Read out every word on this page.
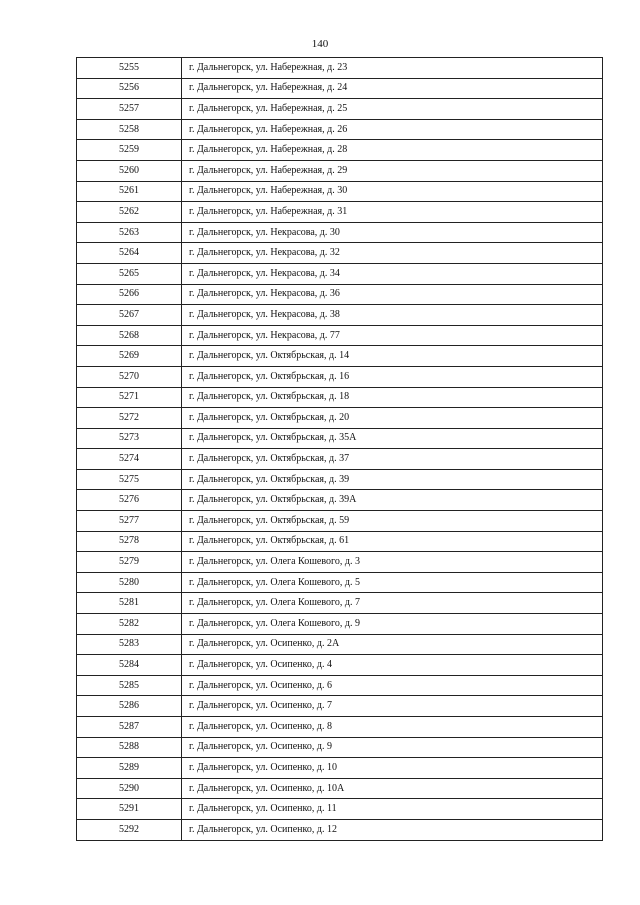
140
5255	г. Дальнегорск, ул. Набережная, д. 23
5256	г. Дальнегорск, ул. Набережная, д. 24
5257	г. Дальнегорск, ул. Набережная, д. 25
5258	г. Дальнегорск, ул. Набережная, д. 26
5259	г. Дальнегорск, ул. Набережная, д. 28
5260	г. Дальнегорск, ул. Набережная, д. 29
5261	г. Дальнегорск, ул. Набережная, д. 30
5262	г. Дальнегорск, ул. Набережная, д. 31
5263	г. Дальнегорск, ул. Некрасова, д. 30
5264	г. Дальнегорск, ул. Некрасова, д. 32
5265	г. Дальнегорск, ул. Некрасова, д. 34
5266	г. Дальнегорск, ул. Некрасова, д. 36
5267	г. Дальнегорск, ул. Некрасова, д. 38
5268	г. Дальнегорск, ул. Некрасова, д. 77
5269	г. Дальнегорск, ул. Октябрьская, д. 14
5270	г. Дальнегорск, ул. Октябрьская, д. 16
5271	г. Дальнегорск, ул. Октябрьская, д. 18
5272	г. Дальнегорск, ул. Октябрьская, д. 20
5273	г. Дальнегорск, ул. Октябрьская, д. 35А
5274	г. Дальнегорск, ул. Октябрьская, д. 37
5275	г. Дальнегорск, ул. Октябрьская, д. 39
5276	г. Дальнегорск, ул. Октябрьская, д. 39А
5277	г. Дальнегорск, ул. Октябрьская, д. 59
5278	г. Дальнегорск, ул. Октябрьская, д. 61
5279	г. Дальнегорск, ул. Олега Кошевого, д. 3
5280	г. Дальнегорск, ул. Олега Кошевого, д. 5
5281	г. Дальнегорск, ул. Олега Кошевого, д. 7
5282	г. Дальнегорск, ул. Олега Кошевого, д. 9
5283	г. Дальнегорск, ул. Осипенко, д. 2А
5284	г. Дальнегорск, ул. Осипенко, д. 4
5285	г. Дальнегорск, ул. Осипенко, д. 6
5286	г. Дальнегорск, ул. Осипенко, д. 7
5287	г. Дальнегорск, ул. Осипенко, д. 8
5288	г. Дальнегорск, ул. Осипенко, д. 9
5289	г. Дальнегорск, ул. Осипенко, д. 10
5290	г. Дальнегорск, ул. Осипенко, д. 10А
5291	г. Дальнегорск, ул. Осипенко, д. 11
5292	г. Дальнегорск, ул. Осипенко, д. 12
